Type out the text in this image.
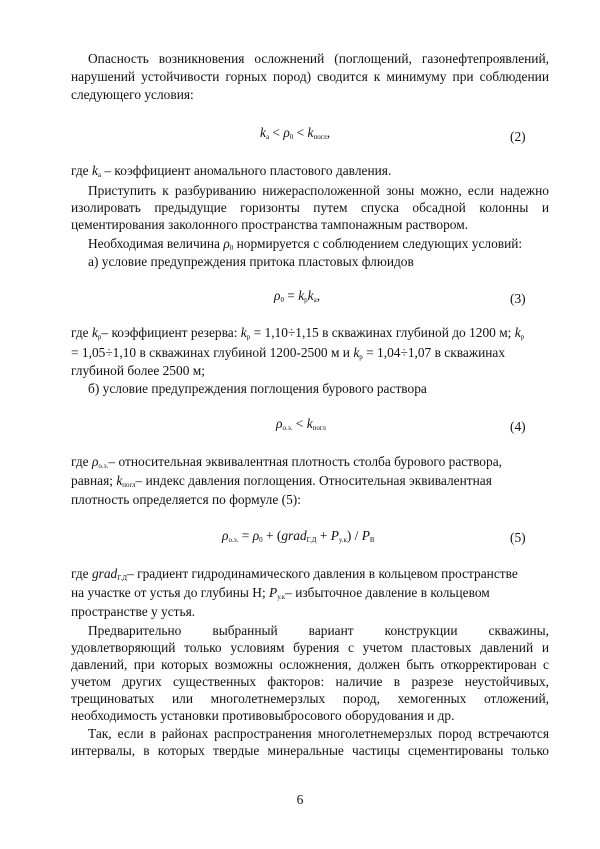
Опасность возникновения осложнений (поглощений, газонефтепроявлений,
нарушений устойчивости горных пород) сводится к минимуму при соблюдении
следующего условия:
$k_а < \rho_0 < k_{погл}$,	(2)
где $k_а$ – коэффициент аномального пластового давления.
Приступить к разбуриванию нижерасположенной зоны можно, если надежно
изолировать предыдущие горизонты путем спуска обсадной колонны и
цементирования заколонного пространства тампонажным раствором.
Необходимая величина $\rho_0$ нормируется с соблюдением следующих условий:
а) условие предупреждения притока пластовых флюидов
$\rho_0 = k_рk_а$,	(3)
где $k_р-$ коэффициент резерва: $k_р = 1,10\div 1,15$ в скважинах глубиной до 1200 м; $k_р$
= 1,05÷1,10 в скважинах глубиной 1200-2500 м и $k_р = 1,04\div 1,07$ в скважинах
глубиной более 2500 м;
б) условие предупреждения поглощения бурового раствора
$\rho_{о.э.} < k_{погл}$	(4)
где $\rho_{о.э.}-$ относительная эквивалентная плотность столба бурового раствора,
равная; $k_{погл}-$ индекс давления поглощения. Относительная эквивалентная
плотность определяется по формуле (5):
$\rho_{о.э.} = \rho_0$ + (grad$_{Г.Д}$ + $P_{у.к}) / P_В$	(5)
где grad$_{Г.Д}$– градиент гидродинамического давления в кольцевом пространстве
на участке от устья до глубины Н; $P_{у.к}-$ избыточное давление в кольцевом
пространстве у устья.
Предварительно выбранный вариант конструкции скважины,
удовлетворяющий только условиям бурения с учетом пластовых давлений и
давлений, при которых возможны осложнения, должен быть откорректирован с
учетом других существенных факторов: наличие в разрезе неустойчивых,
трещиноватых или многолетнемерзлых пород, хемогенных отложений,
необходимость установки противовыбросового оборудования и др.
Так, если в районах распространения многолетнемерзлых пород встречаются
интервалы, в которых твердые минеральные частицы сцементированы только
6
